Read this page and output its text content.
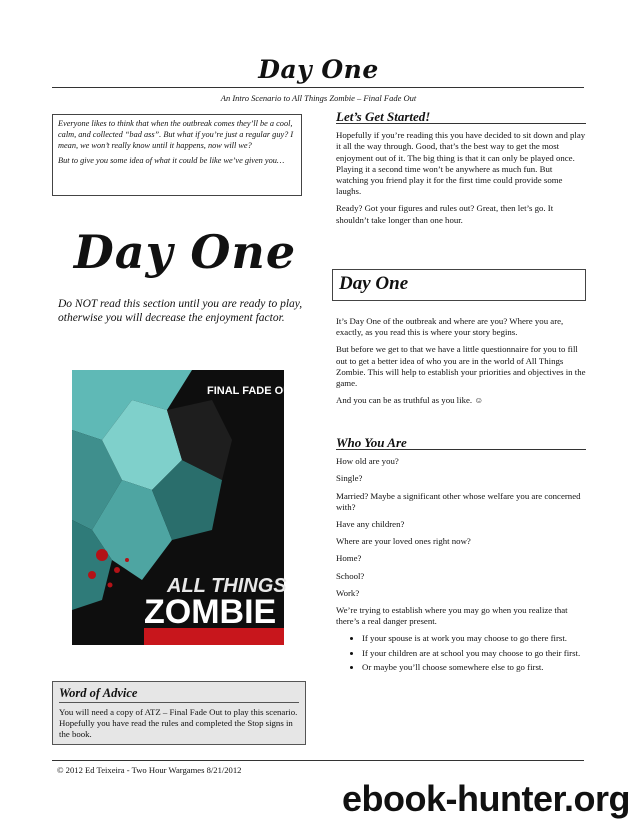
Day One
An Intro Scenario to All Things Zombie – Final Fade Out

Everyone likes to think that when the outbreak comes they’ll be a cool, calm, and collected “bad ass”. But what if you’re just a regular guy? I mean, we won’t really know until it happens, now will we?

But to give you some idea of what it could be like we’ve given you…

Day One
Do NOT read this section until you are ready to play, otherwise you will decrease the enjoyment factor.
FINAL FADE OUT
ALL THINGS
ZOMBIE
Word of Advice

You will need a copy of ATZ – Final Fade Out to play this scenario. Hopefully you have read the rules and completed the Stop signs in the book.

Let’s Get Started!

Hopefully if you’re reading this you have decided to sit down and play it all the way through. Good, that’s the best way to get the most enjoyment out of it. The big thing is that it can only be played once. Playing it a second time won’t be anywhere as much fun. But watching you friend play it for the first time could provide some laughs.

Ready? Got your figures and rules out? Great, then let’s go. It shouldn’t take longer than one hour.

Day One

It’s Day One of the outbreak and where are you? Where you are, exactly, as you read this is where your story begins.

But before we get to that we have a little questionnaire for you to fill out to get a better idea of who you are in the world of All Things Zombie. This will help to establish your priorities and objectives in the game.

And you can be as truthful as you like. ☺

Who You Are

How old are you?

Single?

Married? Maybe a significant other whose welfare you are concerned with?

Have any children?

Where are your loved ones right now?

Home?

School?

Work?

We’re trying to establish where you may go when you realize that there’s a real danger present.

• If your spouse is at work you may choose to go there first.
• If your children are at school you may choose to go their first.
• Or maybe you’ll choose somewhere else to go first.
© 2012 Ed Teixeira - Two Hour Wargames 8/21/2012
ebook-hunter.org
